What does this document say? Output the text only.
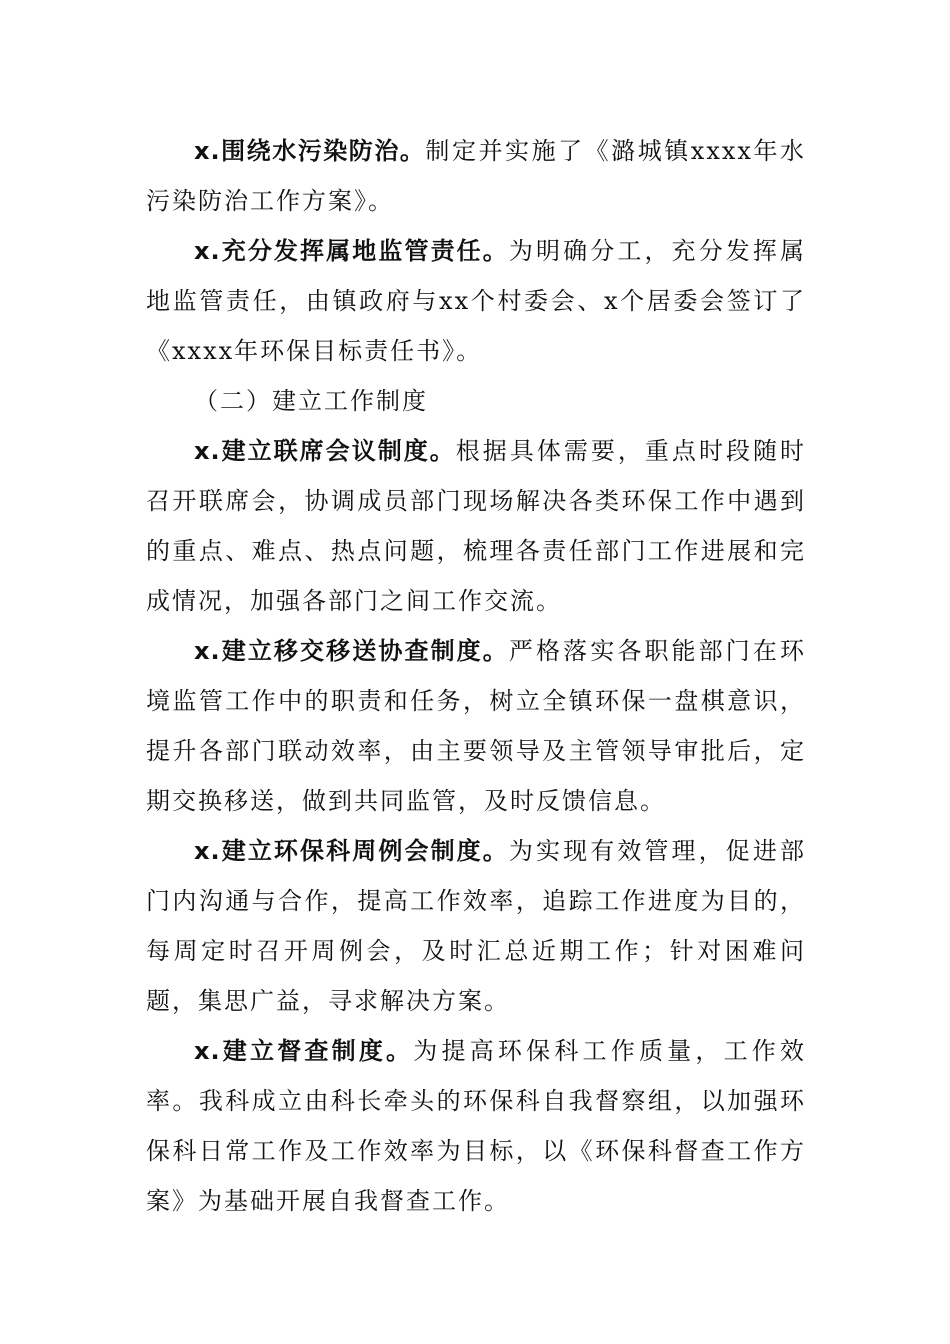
x.围绕水污染防治。制定并实施了《潞城镇xxxx年水污染防治工作方案》。

x.充分发挥属地监管责任。为明确分工，充分发挥属地监管责任，由镇政府与xx个村委会、x个居委会签订了《xxxx年环保目标责任书》。

（二）建立工作制度

x.建立联席会议制度。根据具体需要，重点时段随时召开联席会，协调成员部门现场解决各类环保工作中遇到的重点、难点、热点问题，梳理各责任部门工作进展和完成情况，加强各部门之间工作交流。

x.建立移交移送协查制度。严格落实各职能部门在环境监管工作中的职责和任务，树立全镇环保一盘棋意识，提升各部门联动效率，由主要领导及主管领导审批后，定期交换移送，做到共同监管，及时反馈信息。

x.建立环保科周例会制度。为实现有效管理，促进部门内沟通与合作，提高工作效率，追踪工作进度为目的，每周定时召开周例会，及时汇总近期工作；针对困难问题，集思广益，寻求解决方案。

x.建立督查制度。为提高环保科工作质量，工作效率。我科成立由科长牵头的环保科自我督察组，以加强环保科日常工作及工作效率为目标，以《环保科督查工作方案》为基础开展自我督查工作。
